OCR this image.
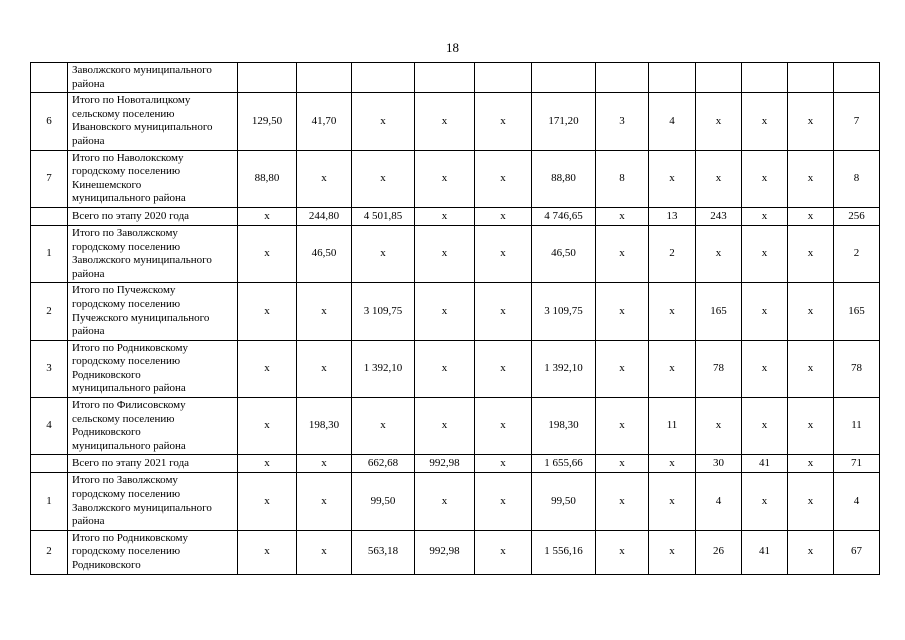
18

	Заволжского муниципального
района												

6	Итого по Новоталицкому
сельскому поселению
Ивановского муниципального
района	129,50	41,70	х	х	х	171,20	3	4	х	х	х	7
7	Итого по Наволокскому
городскому поселению
Кинешемского
муниципального района	88,80	х	х	х	х	88,80	8	х	х	х	х	8

	Всего по этапу 2020 года	х	244,80	4 501,85	х	х	4 746,65	х	13	243	х	х	256
1	Итого по Заволжскому
городскому поселению
Заволжского муниципального
района	х	46,50	х	х	х	46,50	х	2	х	х	х	2
2	Итого по Пучежскому
городскому поселению
Пучежского муниципального
района	х	х	3 109,75	х	х	3 109,75	х	х	165	х	х	165
3	Итого по Родниковскому
городскому поселению
Родниковского
муниципального района	х	х	1 392,10	х	х	1 392,10	х	х	78	х	х	78
4	Итого по Филисовскому
сельскому поселению
Родниковского
муниципального района	х	198,30	х	х	х	198,30	х	11	х	х	х	11

	Всего по этапу 2021 года	х	х	662,68	992,98	х	1 655,66	х	х	30	41	х	71
1	Итого по Заволжскому
городскому поселению
Заволжского муниципального
района	х	х	99,50	х	х	99,50	х	х	4	х	х	4
2	Итого по Родниковскому
городскому поселению
Родниковского	х	х	563,18	992,98	х	1 556,16	х	х	26	41	х	67
